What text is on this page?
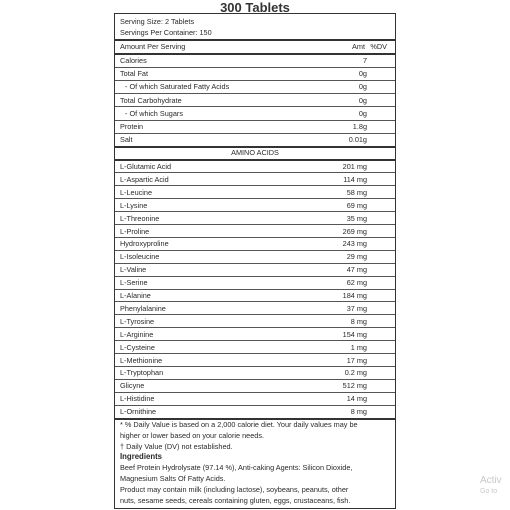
300 Tablets
Serving Size: 2 Tablets
Servings Per Container: 150
Amount Per Serving	Amt %DV
Calories	7
Total Fat	0g
- Of which Saturated Fatty Acids	0g
Total Carbohydrate	0g
- Of which Sugars	0g
Protein	1.8g
Salt	0.01g
AMINO ACIDS
L-Glutamic Acid	201 mg
L-Aspartic Acid	114 mg
L-Leucine	58 mg
L-Lysine	69 mg
L-Threonine	35 mg
L-Proline	269 mg
Hydroxyproline	243 mg
L-Isoleucine	29 mg
L-Valine	47 mg
L-Serine	62 mg
L-Alanine	184 mg
Phenylalanine	37 mg
L-Tyrosine	8 mg
L-Arginine	154 mg
L-Cysteine	1 mg
L-Methionine	17 mg
L-Tryptophan	0.2 mg
Glicyne	512 mg
L-Histidine	14 mg
L-Ornithine	8 mg
* % Daily Value is based on a 2,000 calorie diet. Your daily values may be
higher or lower based on your calorie needs.
† Daily Value (DV) not established.
Ingredients
Beef Protein Hydrolysate (97.14 %), Anti-caking Agents: Silicon Dioxide,
Magnesium Salts Of Fatty Acids.
Product may contain milk (including lactose), soybeans, peanuts, other
nuts, sesame seeds, cereals containing gluten, eggs, crustaceans, fish.
Activ
Go to
